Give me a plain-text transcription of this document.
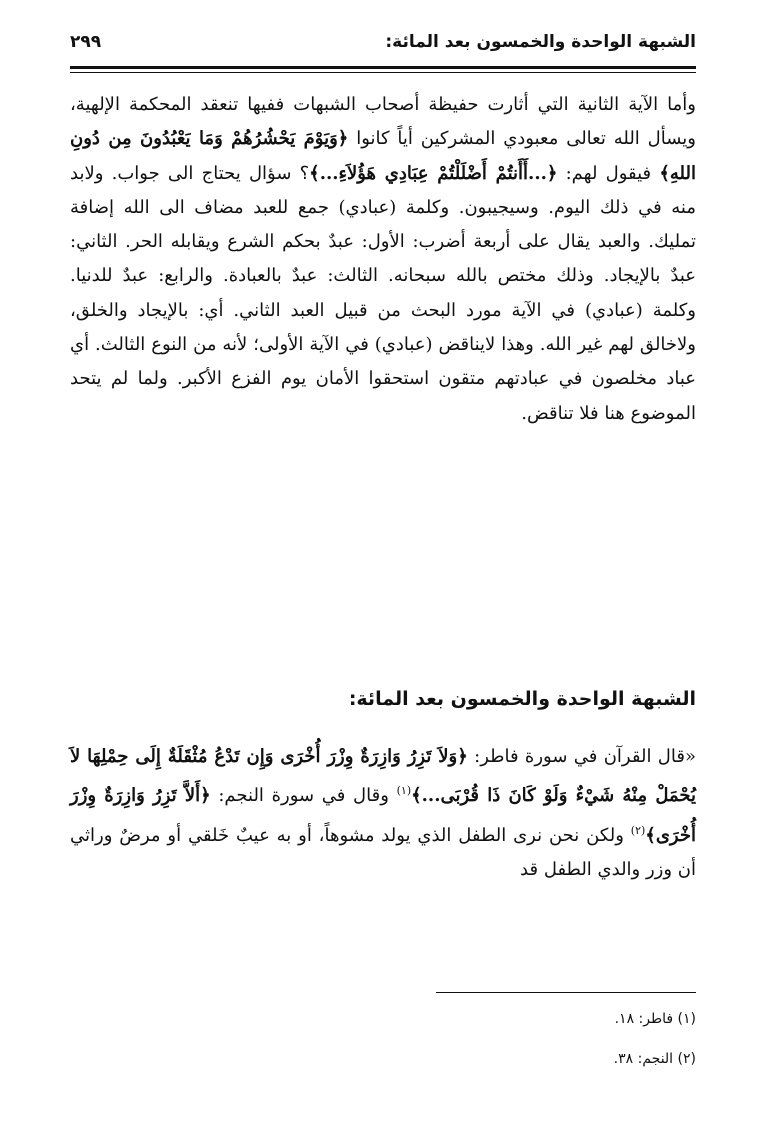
الشبهة الواحدة والخمسون بعد المائة:
٢٩٩

وأما الآية الثانية التي أثارت حفيظة أصحاب الشبهات ففيها تنعقد المحكمة الإلهية، ويسأل الله تعالى معبودي المشركين أياً كانوا ﴿وَيَوْمَ يَحْشُرُهُمْ وَمَا يَعْبُدُونَ مِن دُونِ اللهِ﴾ فيقول لهم: ﴿...أَأَنتُمْ أَضْلَلْتُمْ عِبَادِي هَؤُلاَءِ...﴾؟ سؤال يحتاج الى جواب. ولابد منه في ذلك اليوم. وسيجيبون. وكلمة (عبادي) جمع للعبد مضاف الى الله إضافة تمليك. والعبد يقال على أربعة أضرب: الأول: عبدٌ بحكم الشرع ويقابله الحر. الثاني: عبدٌ بالإيجاد. وذلك مختص بالله سبحانه. الثالث: عبدٌ بالعبادة. والرابع: عبدٌ للدنيا. وكلمة (عبادي) في الآية مورد البحث من قبيل العبد الثاني. أي: بالإيجاد والخلق، ولاخالق لهم غير الله. وهذا لايناقض (عبادي) في الآية الأولى؛ لأنه من النوع الثالث. أي عباد مخلصون في عبادتهم متقون استحقوا الأمان يوم الفزع الأكبر. ولما لم يتحد الموضوع هنا فلا تناقض.

الشبهة الواحدة والخمسون بعد المائة:

«قال القرآن في سورة فاطر: ﴿وَلاَ تَزِرُ وَازِرَةٌ وِزْرَ أُخْرَى وَإِن تَدْعُ مُثْقَلَةٌ إِلَى حِمْلِهَا لاَ يُحْمَلْ مِنْهُ شَيْءٌ وَلَوْ كَانَ ذَا قُرْبَى...﴾$^{(١)}$ وقال في سورة النجم: ﴿أَلاَّ تَزِرُ وَازِرَةٌ وِزْرَ أُخْرَى﴾$^{(٢)}$ ولكن نحن نرى الطفل الذي يولد مشوهاً، أو به عيبٌ خَلقي أو مرضٌ وراثي أن وزر والدي الطفل قد

(١) فاطر: ١٨.

(٢) النجم: ٣٨.
